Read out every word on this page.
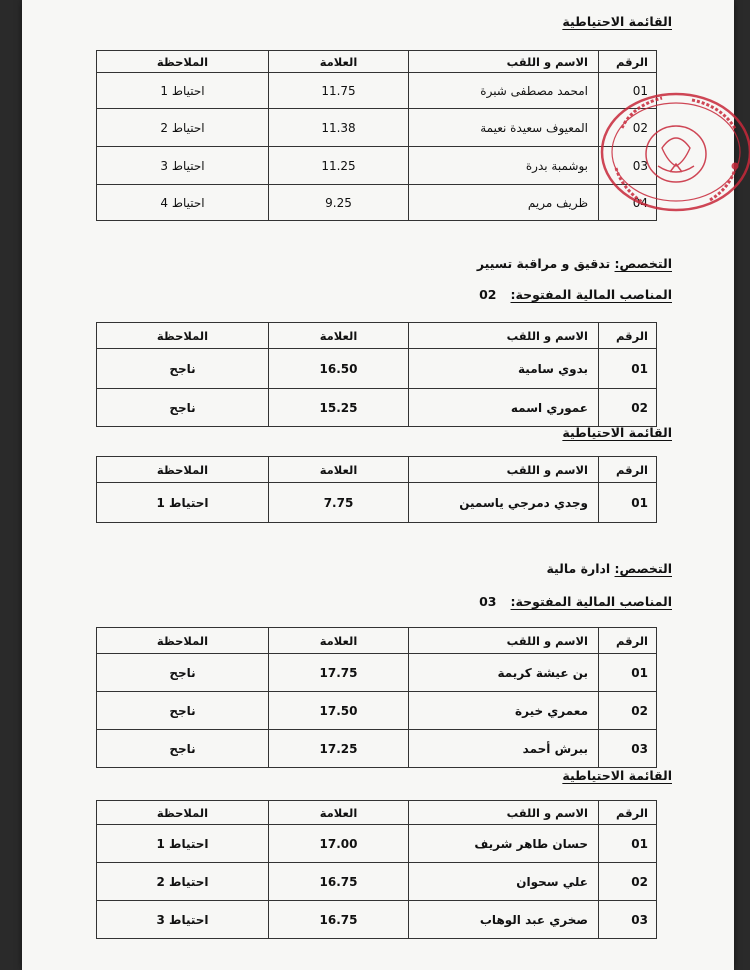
القائمة الاحتياطية
الرقم	الاسم و اللقب	العلامة	الملاحظة
01	امحمد مصطفى شبرة	11.75	احتياط 1
02	المعيوف سعيدة نعيمة	11.38	احتياط 2
03	بوشمبة بدرة	11.25	احتياط 3
04	ظريف مريم	9.25	احتياط 4
التخصص: تدقيق و مراقبة تسيير
المناصب المالية المفتوحة:02
الرقم	الاسم و اللقب	العلامة	الملاحظة
01	بدوي سامية	16.50	ناجح
02	عموري اسمه	15.25	ناجح
القائمة الاحتياطية
الرقم	الاسم و اللقب	العلامة	الملاحظة
01	وجدي دمرجي ياسمين	7.75	احتياط 1
التخصص: ادارة مالية
المناصب المالية المفتوحة:03
الرقم	الاسم و اللقب	العلامة	الملاحظة
01	بن عيشة كريمة	17.75	ناجح
02	معمري خيرة	17.50	ناجح
03	ببرش أحمد	17.25	ناجح
القائمة الاحتياطية
الرقم	الاسم و اللقب	العلامة	الملاحظة
01	حسان طاهر شريف	17.00	احتياط 1
02	علي سحوان	16.75	احتياط 2
03	صخري عبد الوهاب	16.75	احتياط 3
